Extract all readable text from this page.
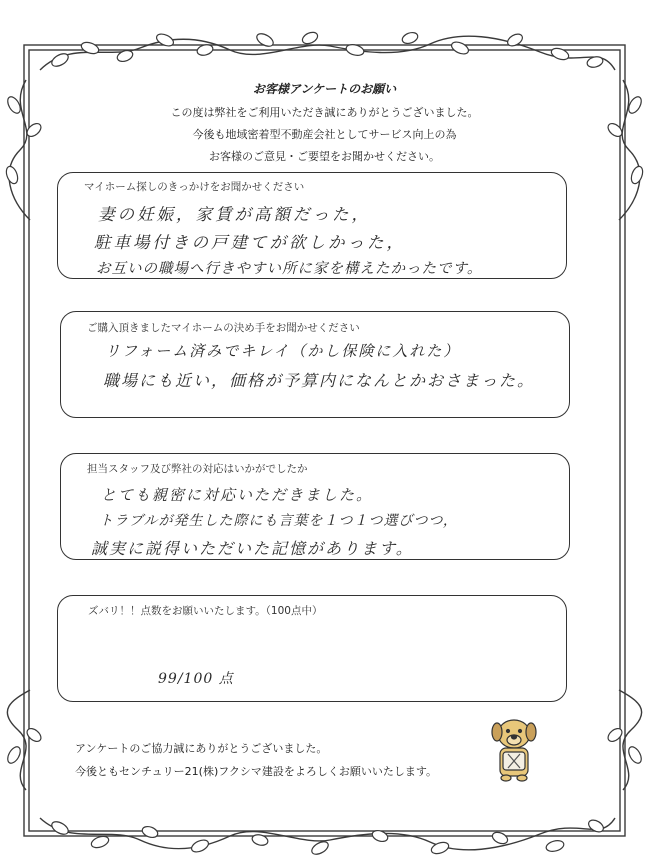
お客様アンケートのお願い
この度は弊社をご利用いただき誠にありがとうございました。
今後も地域密着型不動産会社としてサービス向上の為
お客様のご意見・ご要望をお聞かせください。
マイホーム探しのきっかけをお聞かせください
妻の妊娠，家賃が高額だった，
駐車場付きの戸建てが欲しかった，
お互いの職場へ行きやすい所に家を構えたかったです。
ご購入頂きましたマイホームの決め手をお聞かせください
リフォーム済みでキレイ（かし保険に入れた）
職場にも近い，価格が予算内になんとかおさまった。
担当スタッフ及び弊社の対応はいかがでしたか
とても親密に対応いただきました。
トラブルが発生した際にも言葉を１つ１つ選びつつ，
誠実に説得いただいた記憶があります。
ズバリ！！点数をお願いいたします。（100点中）
99/100 点
アンケートのご協力誠にありがとうございました。
今後ともセンチュリー21(株)フクシマ建設をよろしくお願いいたします。
